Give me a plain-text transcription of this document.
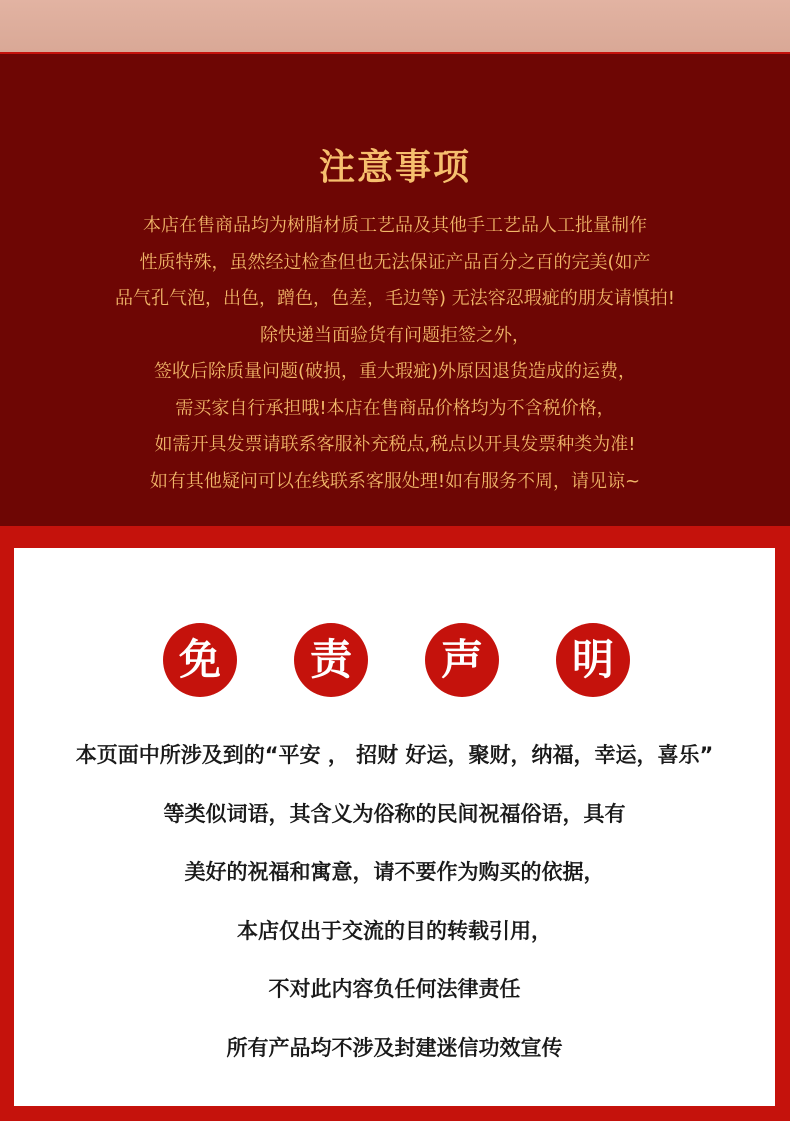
注意事项
本店在售商品均为树脂材质工艺品及其他手工艺品人工批量制作
性质特殊，虽然经过检查但也无法保证产品百分之百的完美(如产
品气孔气泡，出色，蹭色，色差，毛边等) 无法容忍瑕疵的朋友请慎拍!
除快递当面验货有问题拒签之外，
签收后除质量问题(破损，重大瑕疵)外原因退货造成的运费，
需买家自行承担哦!本店在售商品价格均为不含税价格，
如需开具发票请联系客服补充税点,税点以开具发票种类为准!
如有其他疑问可以在线联系客服处理!如有服务不周，请见谅~
免	责	声	明
本页面中所涉及到的“平安 ， 招财 好运，聚财，纳福，幸运，喜乐”
等类似词语，其含义为俗称的民间祝福俗语，具有
美好的祝福和寓意，请不要作为购买的依据，
本店仅出于交流的目的转载引用，
不对此内容负任何法律责任
所有产品均不涉及封建迷信功效宣传
